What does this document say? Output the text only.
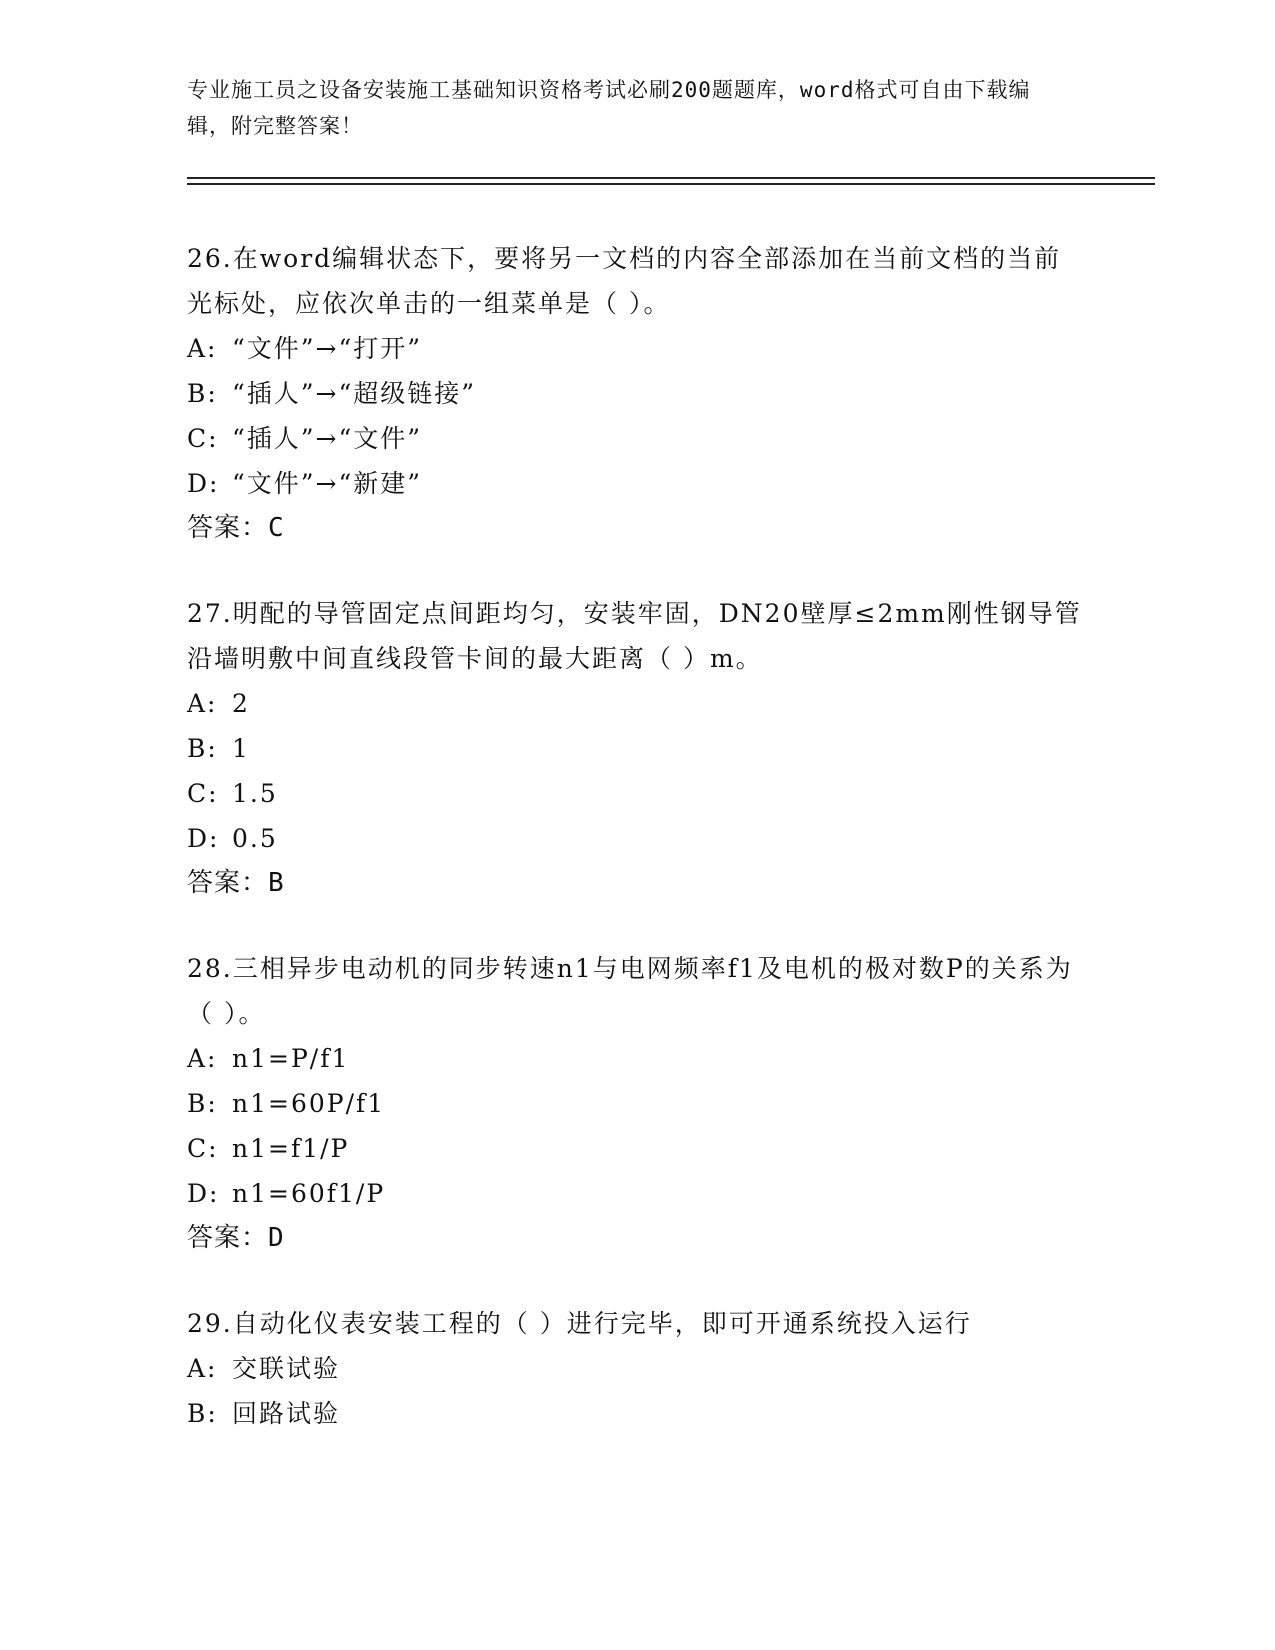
专业施工员之设备安装施工基础知识资格考试必刷200题题库，word格式可自由下载编辑，附完整答案！
26.在word编辑状态下，要将另一文档的内容全部添加在当前文档的当前光标处，应依次单击的一组菜单是（ ）。
A: “文件”→“打开”
B: “插人”→“超级链接”
C: “插人”→“文件”
D: “文件”→“新建”
答案：C
27.明配的导管固定点间距均匀，安装牢固，DN20壁厚≤2mm刚性钢导管沿墙明敷中间直线段管卡间的最大距离（ ）m。
A: 2
B: 1
C: 1.5
D: 0.5
答案：B
28.三相异步电动机的同步转速n1与电网频率f1及电机的极对数P的关系为（ ）。
A: n1=P/f1
B: n1=60P/f1
C: n1=f1/P
D: n1=60f1/P
答案：D
29.自动化仪表安装工程的（ ）进行完毕，即可开通系统投入运行
A: 交联试验
B: 回路试验
